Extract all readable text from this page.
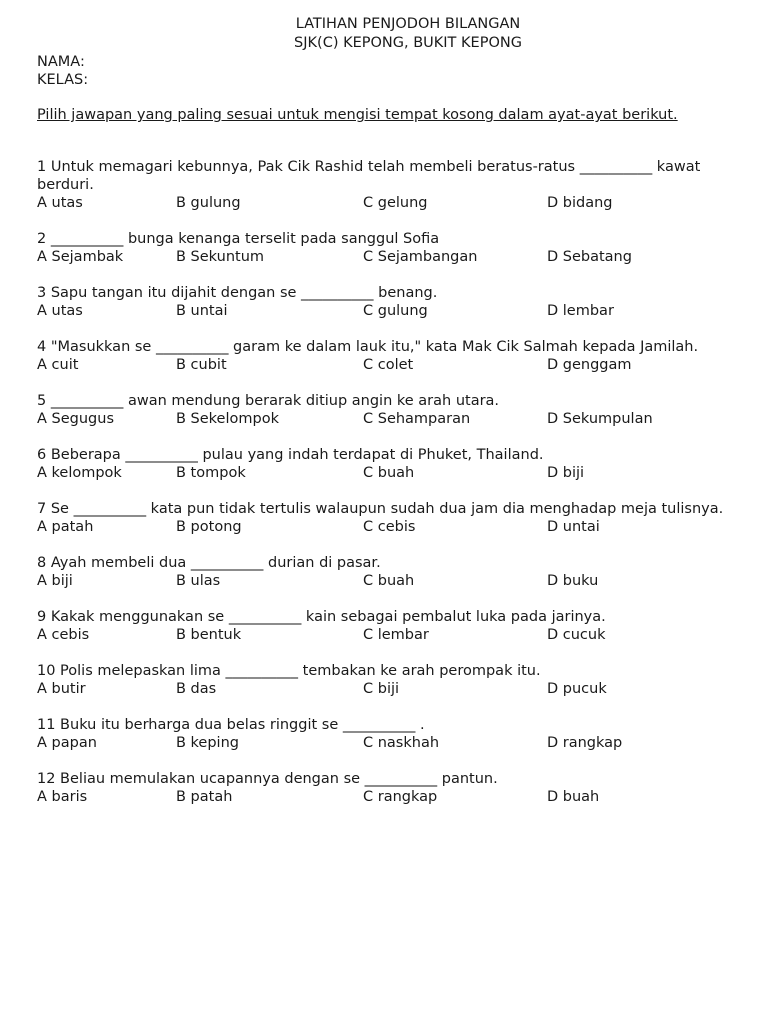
LATIHAN PENJODOH BILANGAN
SJK(C) KEPONG, BUKIT KEPONG
NAMA:
KELAS:
Pilih jawapan yang paling sesuai untuk mengisi tempat kosong dalam ayat-ayat berikut.
1 Untuk memagari kebunnya, Pak Cik Rashid telah membeli beratus-ratus __________ kawat berduri.
A utas	B gulung	C gelung	D bidang
2 __________ bunga kenanga terselit pada sanggul Sofia
A Sejambak	B Sekuntum	C Sejambangan	D Sebatang
3 Sapu tangan itu dijahit dengan se __________ benang.
A utas	B untai	C gulung	D lembar
4 "Masukkan se __________ garam ke dalam lauk itu," kata Mak Cik Salmah kepada Jamilah.
A cuit	B cubit	C colet	D genggam
5 __________ awan mendung berarak ditiup angin ke arah utara.
A Segugus	B Sekelompok	C Sehamparan	D Sekumpulan
6 Beberapa __________ pulau yang indah terdapat di Phuket, Thailand.
A kelompok	B tompok	C buah	D biji
7 Se __________ kata pun tidak tertulis walaupun sudah dua jam dia menghadap meja tulisnya.
A patah	B potong	C cebis	D untai
8 Ayah membeli dua __________ durian di pasar.
A biji	B ulas	C buah	D buku
9 Kakak menggunakan se __________ kain sebagai pembalut luka pada jarinya.
A cebis	B bentuk	C lembar	D cucuk
10 Polis melepaskan lima __________ tembakan ke arah perompak itu.
A butir	B das	C biji	D pucuk
11 Buku itu berharga dua belas ringgit se __________ .
A papan	B keping	C naskhah	D rangkap
12 Beliau memulakan ucapannya dengan se __________ pantun.
A baris	B patah	C rangkap	D buah
